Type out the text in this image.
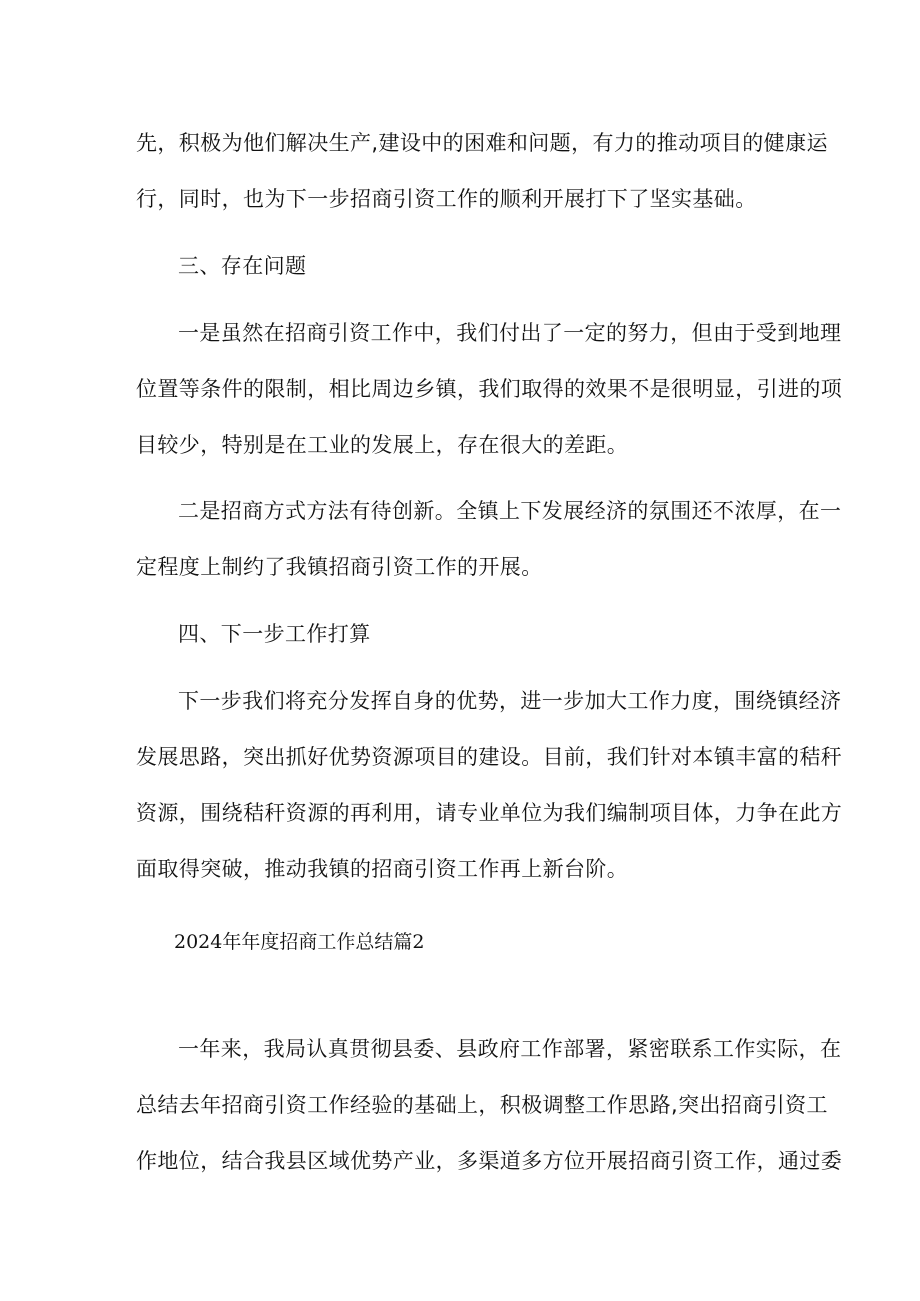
先，积极为他们解决生产,建设中的困难和问题，有力的推动项目的健康运
行，同时，也为下一步招商引资工作的顺利开展打下了坚实基础。
三、存在问题
一是虽然在招商引资工作中，我们付出了一定的努力，但由于受到地理
位置等条件的限制，相比周边乡镇，我们取得的效果不是很明显，引进的项
目较少，特别是在工业的发展上，存在很大的差距。
二是招商方式方法有待创新。全镇上下发展经济的氛围还不浓厚，在一
定程度上制约了我镇招商引资工作的开展。
四、下一步工作打算
下一步我们将充分发挥自身的优势，进一步加大工作力度，围绕镇经济
发展思路，突出抓好优势资源项目的建设。目前，我们针对本镇丰富的秸秆
资源，围绕秸秆资源的再利用，请专业单位为我们编制项目体，力争在此方
面取得突破，推动我镇的招商引资工作再上新台阶。
2024年年度招商工作总结篇2
一年来，我局认真贯彻县委、县政府工作部署，紧密联系工作实际，在
总结去年招商引资工作经验的基础上，积极调整工作思路,突出招商引资工
作地位，结合我县区域优势产业，多渠道多方位开展招商引资工作，通过委
